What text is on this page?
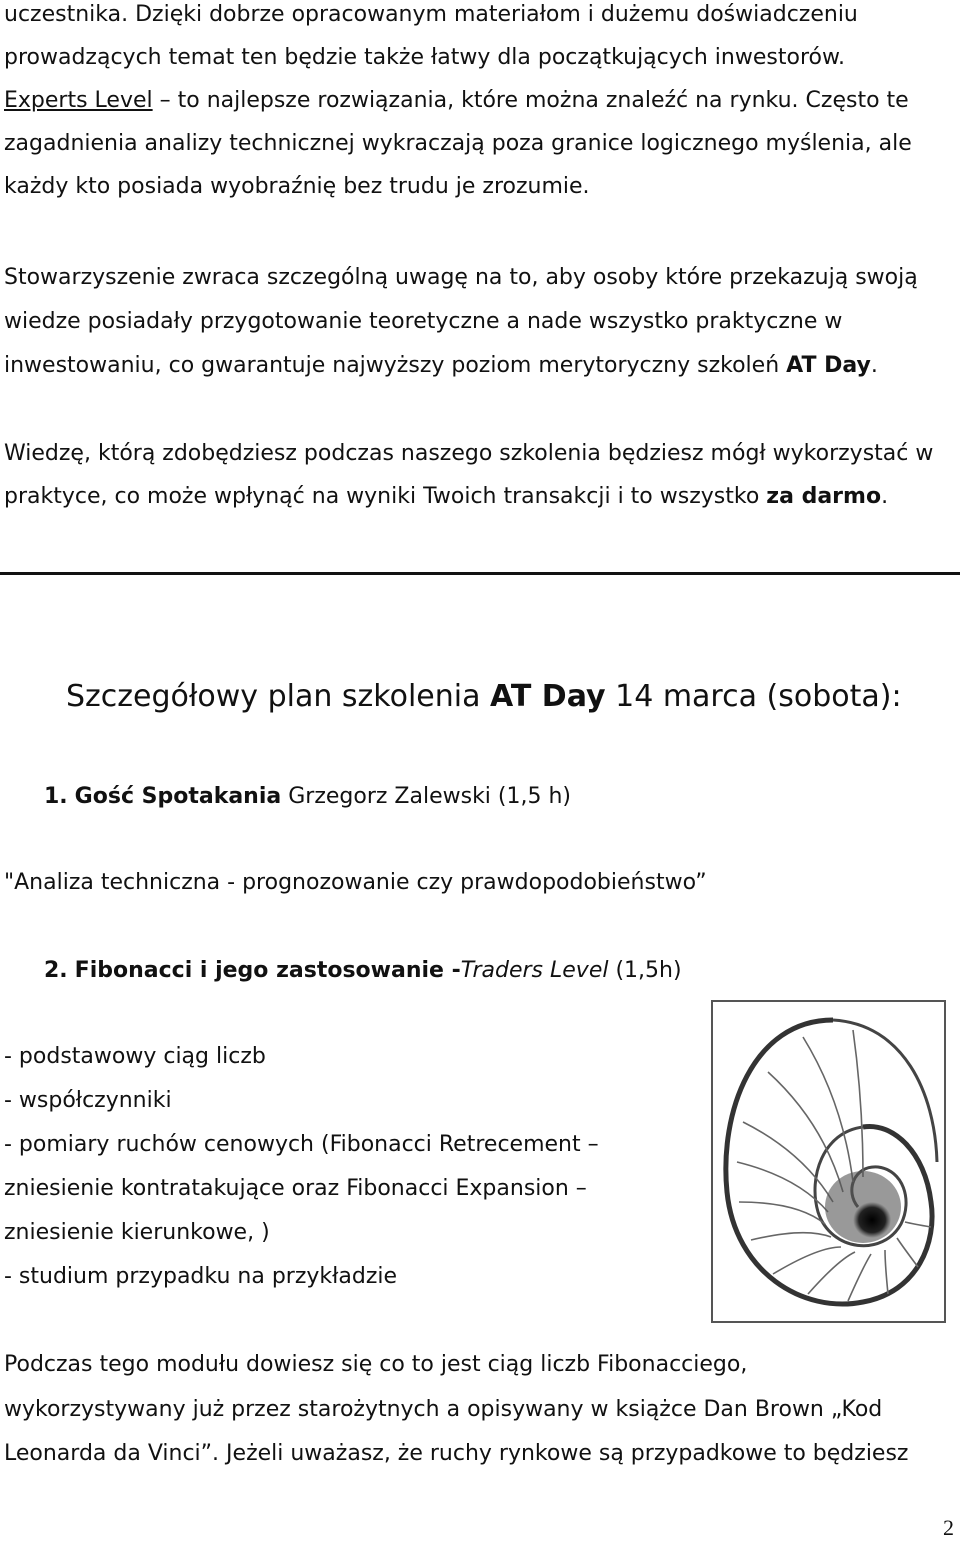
uczestnika. Dzięki dobrze opracowanym materiałom i dużemu doświadczeniu
prowadzących temat ten będzie także łatwy dla początkujących inwestorów.
Experts Level – to najlepsze rozwiązania, które można znaleźć na rynku. Często te
zagadnienia analizy technicznej wykraczają poza granice logicznego myślenia, ale
każdy kto posiada wyobraźnię bez trudu je zrozumie.
Stowarzyszenie zwraca szczególną uwagę na to, aby osoby które przekazują swoją
wiedze posiadały przygotowanie teoretyczne a nade wszystko praktyczne w
inwestowaniu, co gwarantuje najwyższy poziom merytoryczny szkoleń AT Day.
Wiedzę, którą zdobędziesz podczas naszego szkolenia będziesz mógł wykorzystać w
praktyce, co może wpłynąć na wyniki Twoich transakcji i to wszystko za darmo.
Szczegółowy plan szkolenia AT Day 14 marca (sobota):
1. Gość Spotakania Grzegorz Zalewski (1,5 h)
"Analiza techniczna - prognozowanie czy prawdopodobieństwo”
2. Fibonacci i jego zastosowanie -Traders Level (1,5h)
- podstawowy ciąg liczb
- współczynniki
- pomiary ruchów cenowych (Fibonacci Retrecement –
zniesienie kontratakujące oraz Fibonacci Expansion –
zniesienie kierunkowe, )
- studium przypadku na przykładzie
Podczas tego modułu dowiesz się co to jest ciąg liczb Fibonacciego,
wykorzystywany już przez starożytnych a opisywany w książce Dan Brown „Kod
Leonarda da Vinci”. Jeżeli uważasz, że ruchy rynkowe są przypadkowe to będziesz
2
